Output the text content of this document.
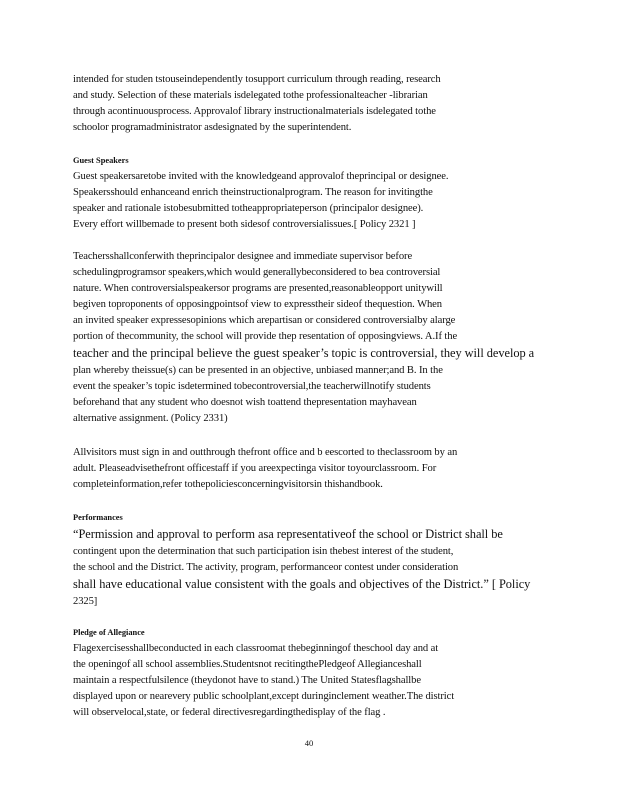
intended for studen tstouseindependently tosupport curriculum through reading, research
and study. Selection of these materials isdelegated tothe professionalteacher -librarian
through acontinuousprocess. Approvalof library instructionalmaterials isdelegated tothe
schoolor programadministrator asdesignated by the superintendent.
Guest Speakers
Guest speakersaretobe invited with the knowledgeand approvalof theprincipal or designee.
Speakersshould enhanceand enrich theinstructionalprogram. The reason for invitingthe
speaker and rationale istobesubmitted totheappropriateperson (principalor designee).
Every effort willbemade to present both sidesof controversialissues.[ Policy 2321 ]
Teachersshallconferwith theprincipalor designee and immediate supervisor before
schedulingprogramsor speakers,which would generallybeconsidered to bea controversial
nature. When controversialspeakersor programs are presented,reasonableopport unitywill
begiven toproponents of opposingpointsof view to expresstheir sideof thequestion. When
an invited speaker expressesopinions which arepartisan or considered controversialby alarge
portion of thecommunity, the school will provide thep resentation of opposingviews. A.If the
teacher and the principal believe the guest speaker’s topic is controversial, they will develop a
plan whereby theissue(s) can be presented in an objective, unbiased manner;and B. In the
event the speaker’s topic isdetermined tobecontroversial,the teacherwillnotify students
beforehand that any student who doesnot wish toattend thepresentation mayhavean
alternative assignment. (Policy 2331)
Allvisitors must sign in and outthrough thefront office and b eescorted to theclassroom by an
adult. Pleaseadvisethefront officestaff if you areexpectinga visitor toyourclassroom. For
completeinformation,refer tothepoliciesconcerningvisitorsin thishandbook.
Performances
“Permission and approval to perform asa representativeof the school or District shall be
contingent upon the determination that such participation isin thebest interest of the student,
the school and the District. The activity, program, performanceor contest under consideration
shall have educational value consistent with the goals and objectives of the District.” [ Policy
2325]
Pledge of Allegiance
Flagexercisesshallbeconducted in each classroomat thebeginningof theschool day and at
the openingof all school assemblies.Studentsnot recitingthePledgeof Allegianceshall
maintain a respectfulsilence (theydonot have to stand.) The United Statesflagshallbe
displayed upon or nearevery public schoolplant,except duringinclement weather.The district
will observelocal,state, or federal directivesregardingthedisplay of the flag .
40
